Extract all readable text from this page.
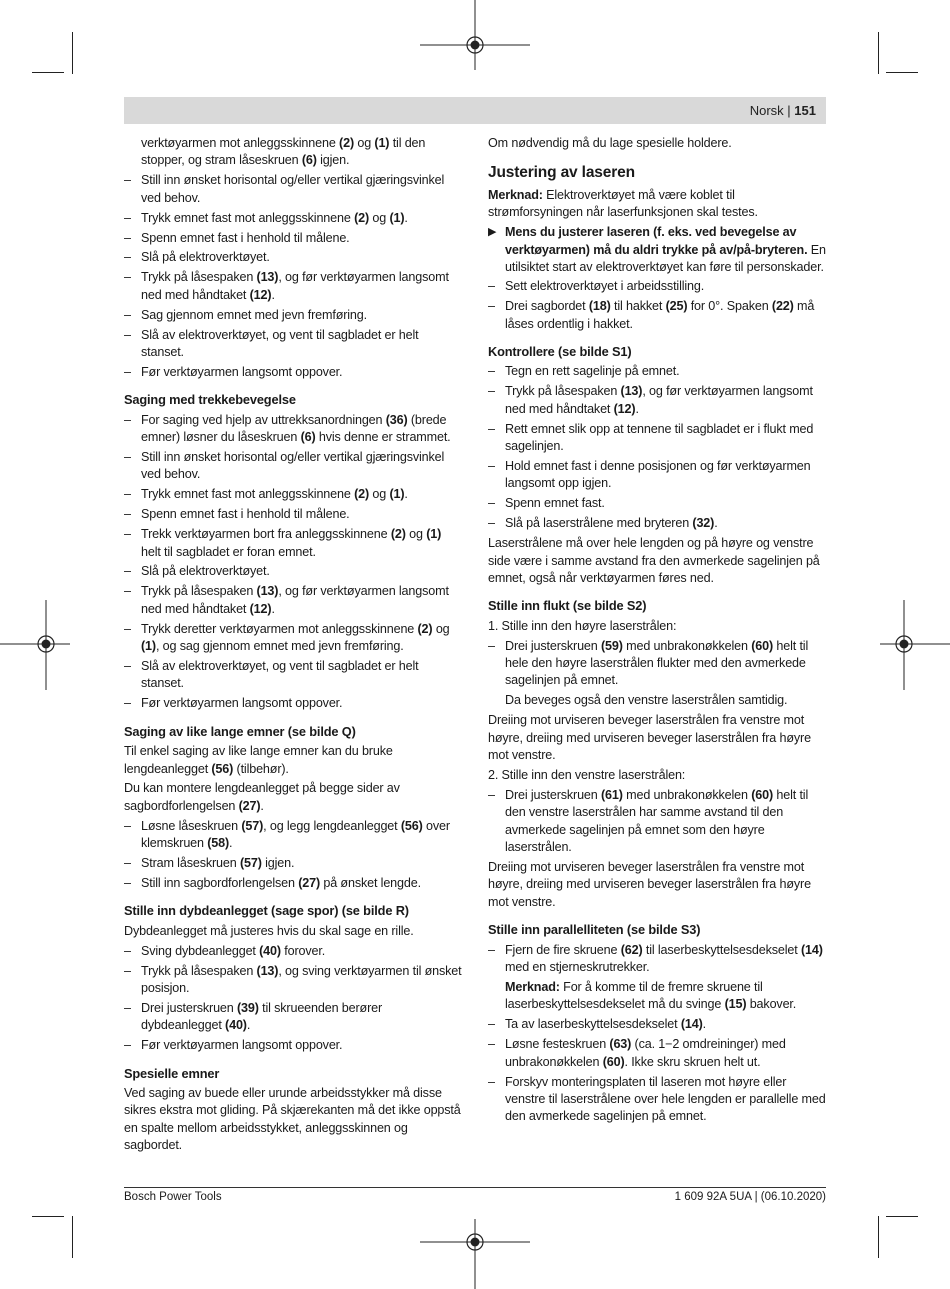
Norsk | 151
verktøyarmen mot anleggsskinnene (2) og (1) til den stopper, og stram låseskruen (6) igjen.
– Still inn ønsket horisontal og/eller vertikal gjæringsvinkel ved behov.
– Trykk emnet fast mot anleggsskinnene (2) og (1).
– Spenn emnet fast i henhold til målene.
– Slå på elektroverktøyet.
– Trykk på låsespaken (13), og før verktøyarmen langsomt ned med håndtaket (12).
– Sag gjennom emnet med jevn fremføring.
– Slå av elektroverktøyet, og vent til sagbladet er helt stanset.
– Før verktøyarmen langsomt oppover.
Saging med trekkebevegelse
– For saging ved hjelp av uttrekksanordningen (36) (brede emner) løsner du låseskruen (6) hvis denne er strammet.
– Still inn ønsket horisontal og/eller vertikal gjæringsvinkel ved behov.
– Trykk emnet fast mot anleggsskinnene (2) og (1).
– Spenn emnet fast i henhold til målene.
– Trekk verktøyarmen bort fra anleggsskinnene (2) og (1) helt til sagbladet er foran emnet.
– Slå på elektroverktøyet.
– Trykk på låsespaken (13), og før verktøyarmen langsomt ned med håndtaket (12).
– Trykk deretter verktøyarmen mot anleggsskinnene (2) og (1), og sag gjennom emnet med jevn fremføring.
– Slå av elektroverktøyet, og vent til sagbladet er helt stanset.
– Før verktøyarmen langsomt oppover.
Saging av like lange emner (se bilde Q)

Til enkel saging av like lange emner kan du bruke lengdeanlegget (56) (tilbehør).

Du kan montere lengdeanlegget på begge sider av sagbordforlengelsen (27).

– Løsne låseskruen (57), og legg lengdeanlegget (56) over klemskruen (58).
– Stram låseskruen (57) igjen.
– Still inn sagbordforlengelsen (27) på ønsket lengde.
Stille inn dybdeanlegget (sage spor) (se bilde R)

Dybdeanlegget må justeres hvis du skal sage en rille.

– Sving dybdeanlegget (40) forover.
– Trykk på låsespaken (13), og sving verktøyarmen til ønsket posisjon.
– Drei justerskruen (39) til skrueenden berører dybdeanlegget (40).
– Før verktøyarmen langsomt oppover.
Spesielle emner

Ved saging av buede eller urunde arbeidsstykker må disse sikres ekstra mot gliding. På skjærekanten må det ikke oppstå en spalte mellom arbeidsstykket, anleggsskinnen og sagbordet.

Om nødvendig må du lage spesielle holdere.

Justering av laseren

Merknad: Elektroverktøyet må være koblet til strømforsyningen når laserfunksjonen skal testes.

▶ Mens du justerer laseren (f. eks. ved bevegelse av verktøyarmen) må du aldri trykke på av/på-bryteren. En utilsiktet start av elektroverktøyet kan føre til personskader.
– Sett elektroverktøyet i arbeidsstilling.
– Drei sagbordet (18) til hakket (25) for 0°. Spaken (22) må låses ordentlig i hakket.
Kontrollere (se bilde S1)
– Tegn en rett sagelinje på emnet.
– Trykk på låsespaken (13), og før verktøyarmen langsomt ned med håndtaket (12).
– Rett emnet slik opp at tennene til sagbladet er i flukt med sagelinjen.
– Hold emnet fast i denne posisjonen og før verktøyarmen langsomt opp igjen.
– Spenn emnet fast.
– Slå på laserstrålene med bryteren (32).

Laserstrålene må over hele lengden og på høyre og venstre side være i samme avstand fra den avmerkede sagelinjen på emnet, også når verktøyarmen føres ned.

Stille inn flukt (se bilde S2)
1. Stille inn den høyre laserstrålen:
– Drei justerskruen (59) med unbrakonøkkelen (60) helt til hele den høyre laserstrålen flukter med den avmerkede sagelinjen på emnet.
Da beveges også den venstre laserstrålen samtidig.

Dreiing mot urviseren beveger laserstrålen fra venstre mot høyre, dreiing med urviseren beveger laserstrålen fra høyre mot venstre.

2. Stille inn den venstre laserstrålen:
– Drei justerskruen (61) med unbrakonøkkelen (60) helt til den venstre laserstrålen har samme avstand til den avmerkede sagelinjen på emnet som den høyre laserstrålen.

Dreiing mot urviseren beveger laserstrålen fra venstre mot høyre, dreiing med urviseren beveger laserstrålen fra høyre mot venstre.

Stille inn parallelliteten (se bilde S3)
– Fjern de fire skruene (62) til laserbeskyttelsesdekselet (14) med en stjerneskrutrekker.
Merknad: For å komme til de fremre skruene til laserbeskyttelsesdekselet må du svinge (15) bakover.
– Ta av laserbeskyttelsesdekselet (14).
– Løsne festeskruen (63) (ca. 1−2 omdreininger) med unbrakonøkkelen (60). Ikke skru skruen helt ut.
– Forskyv monteringsplaten til laseren mot høyre eller venstre til laserstrålene over hele lengden er parallelle med den avmerkede sagelinjen på emnet.
Bosch Power Tools	1 609 92A 5UA | (06.10.2020)
